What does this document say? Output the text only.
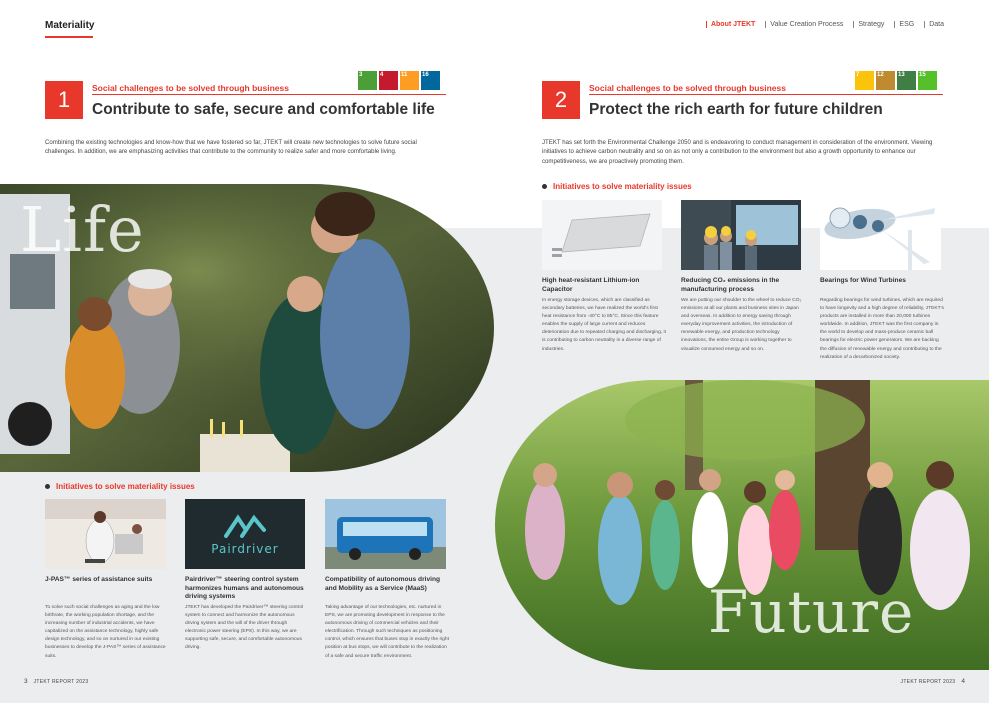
Materiality	About JTEKT Value Creation Process Strategy ESG Data
1	Social challenges to be solved through business
Contribute to safe, secure and comfortable life
3	4	11	16
Combining the existing technologies and know-how that we have fostered so far, JTEKT will create new technologies to solve future social challenges. In addition, we are emphasizing activities that contribute to the community to realize safer and more comfortable living.
Life
Initiatives to solve materiality issues
Pairdriver
J-PAS™ series of assistance suits
To solve such social challenges as aging and the low birthrate, the working population shortage, and the increasing number of industrial accidents, we have capitalized on the assistance technology, highly safe design technology, and so on nurtured in our existing businesses to develop the J-PAS™ series of assistance suits.
Pairdriver™ steering control system harmonizes humans and autonomous driving systems
JTEKT has developed the Pairdriver™ steering control system to connect and harmonize the autonomous driving system and the will of the driver through electronic power steering (EPS). In this way, we are supporting safe, secure, and comfortable autonomous driving.
Compatibility of autonomous driving and Mobility as a Service (MaaS)
Taking advantage of our technologies, etc. nurtured in EPS, we are promoting development in response to the autonomous driving of commercial vehicles and their electrification. Through such techniques as positioning control, which ensures that buses stop in exactly the right position at bus stops, we will contribute to the realization of a safe and secure traffic environment.
3 JTEKT REPORT 2023
2	Social challenges to be solved through business
Protect the rich earth for future children
7	12	13	15
JTEKT has set forth the Environmental Challenge 2050 and is endeavoring to conduct management in consideration of the environment. Viewing initiatives to achieve carbon neutrality and so on as not only a contribution to the environment but also a growth opportunity to enhance our competitiveness, we are proactively promoting them.
Initiatives to solve materiality issues
High heat-resistant Lithium-ion Capacitor
In energy storage devices, which are classified as secondary batteries, we have realized the world's first heat resistance from -40°C to 85°C. Since this feature enables the supply of large current and reduces deterioration due to repeated charging and discharging, it is contributing to carbon neutrality in a diverse range of industries.
Reducing CO₂ emissions in the manufacturing process
We are putting our shoulder to the wheel to reduce CO₂ emissions at all our plants and business sites in Japan and overseas. In addition to energy saving through everyday improvement activities, the introduction of renewable energy, and production technology innovations, the entire Group is working together to visualize consumed energy and so on.
Bearings for Wind Turbines
Regarding bearings for wind turbines, which are required to have longevity and a high degree of reliability, JTEKT's products are installed in more than 20,000 turbines worldwide. In addition, JTEKT was the first company in the world to develop and mass-produce ceramic ball bearings for electric power generators. We are backing the diffusion of renewable energy and contributing to the realization of a decarbonized society.
Future
JTEKT REPORT 2023 4
